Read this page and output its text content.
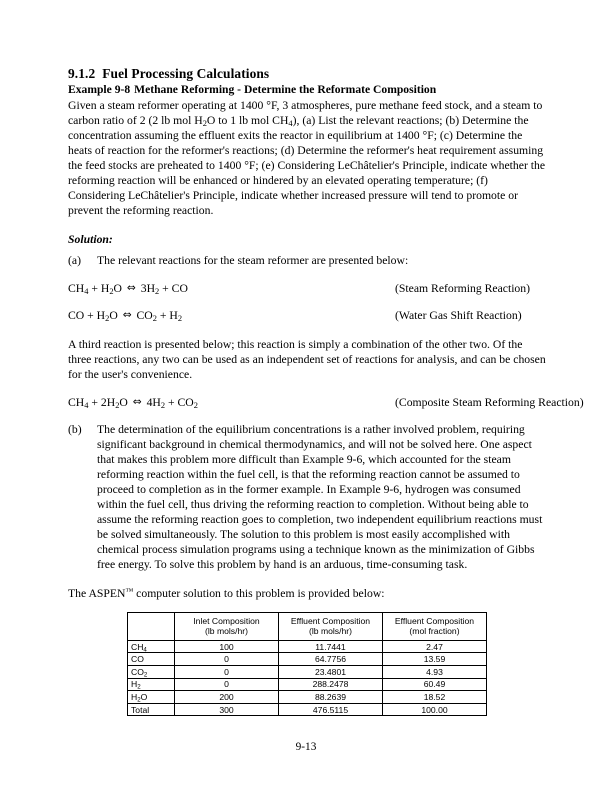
9.1.2 Fuel Processing Calculations
Example 9-8 Methane Reforming - Determine the Reformate Composition

Given a steam reformer operating at 1400 °F, 3 atmospheres, pure methane feed stock, and a steam to carbon ratio of 2 (2 lb mol $H_2O$ to 1 lb mol $CH_4$), (a) List the relevant reactions; (b) Determine the concentration assuming the effluent exits the reactor in equilibrium at 1400 °F; (c) Determine the heats of reaction for the reformer's reactions; (d) Determine the reformer's heat requirement assuming the feed stocks are preheated to 1400 °F; (e) Considering LeChâtelier's Principle, indicate whether the reforming reaction will be enhanced or hindered by an elevated operating temperature; (f) Considering LeChâtelier's Principle, indicate whether increased pressure will tend to promote or prevent the reforming reaction.

Solution:
(a) The relevant reactions for the steam reformer are presented below:
$CH_4 + H_2O$ ⇔ $3H_2$ + CO	(Steam Reforming Reaction)
CO + $H_2O$ ⇔ $CO_2 + H_2$	(Water Gas Shift Reaction)

A third reaction is presented below; this reaction is simply a combination of the other two. Of the three reactions, any two can be used as an independent set of reactions for analysis, and can be chosen for the user's convenience.

$CH_4 + 2H_2O$ ⇔ $4H_2 + CO_2$	(Composite Steam Reforming Reaction)
(b) The determination of the equilibrium concentrations is a rather involved problem, requiring significant background in chemical thermodynamics, and will not be solved here. One aspect that makes this problem more difficult than Example 9-6, which accounted for the steam reforming reaction within the fuel cell, is that the reforming reaction cannot be assumed to proceed to completion as in the former example. In Example 9-6, hydrogen was consumed within the fuel cell, thus driving the reforming reaction to completion. Without being able to assume the reforming reaction goes to completion, two independent equilibrium reactions must be solved simultaneously. The solution to this problem is most easily accomplished with chemical process simulation programs using a technique known as the minimization of Gibbs free energy. To solve this problem by hand is an arduous, time-consuming task.

The ASPEN™ computer solution to this problem is provided below:

	Inlet Composition
(lb mols/hr)	Effluent Composition
(lb mols/hr)	Effluent Composition
(mol fraction)

$CH_4$	100	11.7441	2.47
CO	0	64.7756	13.59
$CO_2$	0	23.4801	4.93
$H_2$	0	288.2478	60.49
$H_2O$	200	88.2639	18.52
Total	300	476.5115	100.00
9-13
